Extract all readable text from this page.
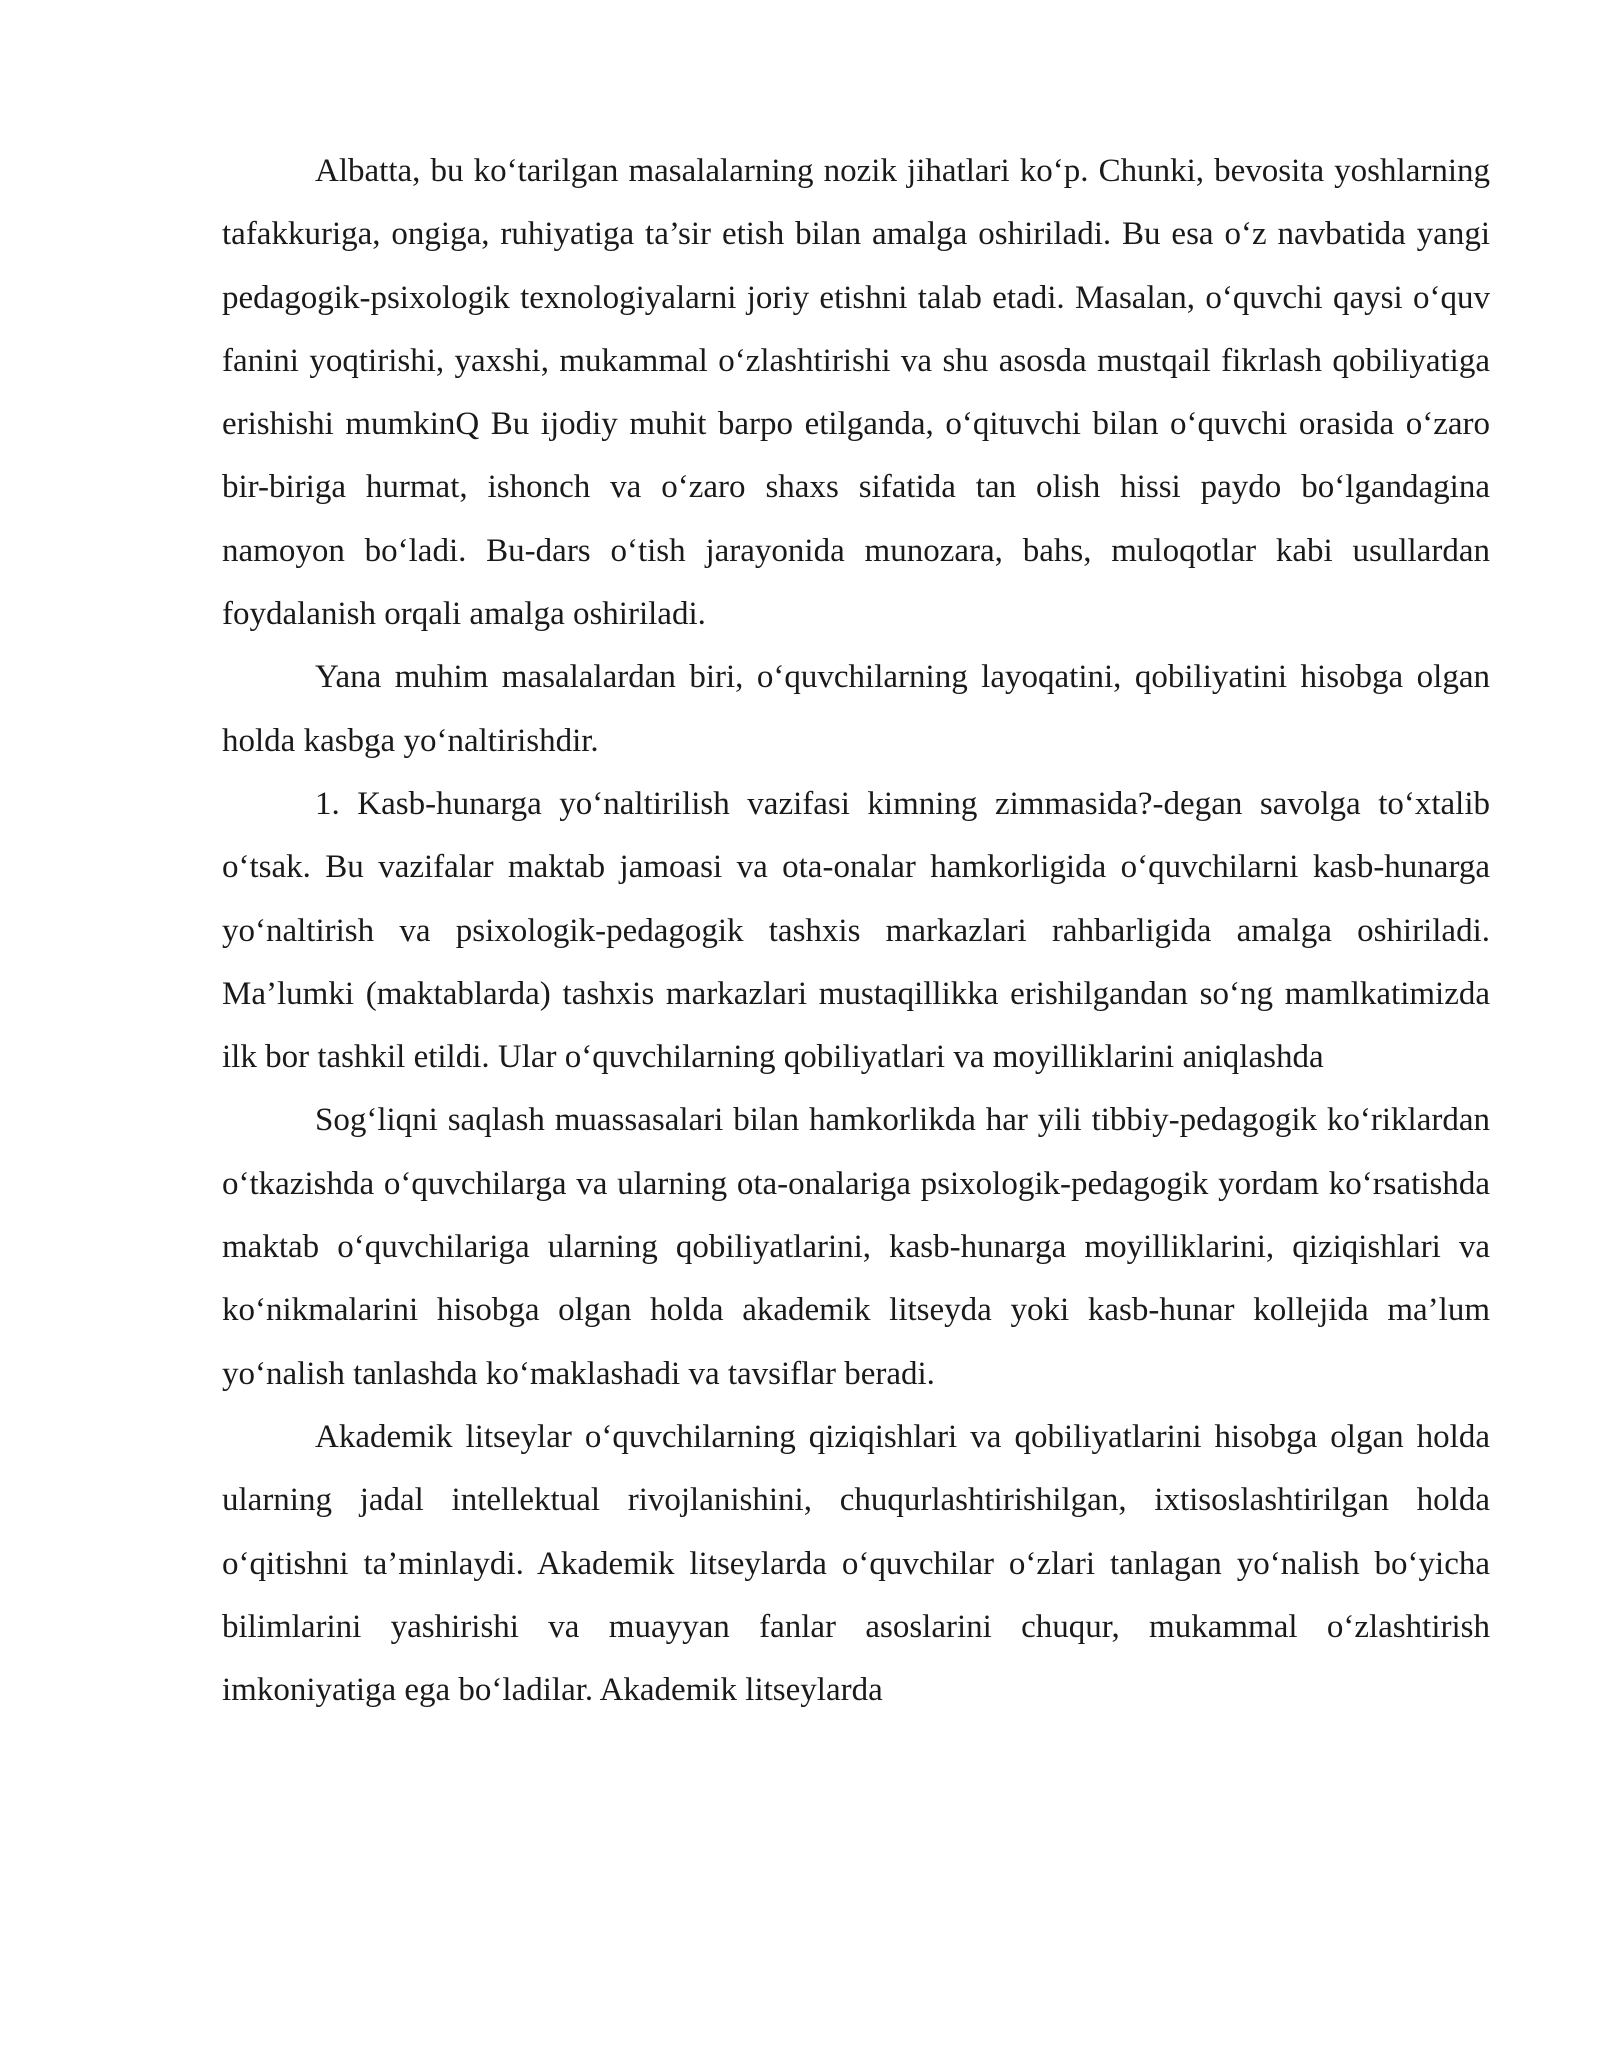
Albatta, bu ko‘tarilgan masalalarning nozik jihatlari ko‘p. Chunki, bevosita yoshlarning tafakkuriga, ongiga, ruhiyatiga ta’sir etish bilan amalga oshiriladi. Bu esa o‘z navbatida yangi pedagogik-psixologik texnologiyalarni joriy etishni talab etadi. Masalan, o‘quvchi qaysi o‘quv fanini yoqtirishi, yaxshi, mukammal o‘zlashtirishi va shu asosda mustqail fikrlash qobiliyatiga erishishi mumkinQ Bu ijodiy muhit barpo etilganda, o‘qituvchi bilan o‘quvchi orasida o‘zaro bir-biriga hurmat, ishonch va o‘zaro shaxs sifatida tan olish hissi paydo bo‘lgandagina namoyon bo‘ladi. Bu-dars o‘tish jarayonida munozara, bahs, muloqotlar kabi usullardan foydalanish orqali amalga oshiriladi.

Yana muhim masalalardan biri, o‘quvchilarning layoqatini, qobiliyatini hisobga olgan holda kasbga yo‘naltirishdir.

1. Kasb-hunarga yo‘naltirilish vazifasi kimning zimmasida?-degan savolga to‘xtalib o‘tsak. Bu vazifalar maktab jamoasi va ota-onalar hamkorligida o‘quvchilarni kasb-hunarga yo‘naltirish va psixologik-pedagogik tashxis markazlari rahbarligida amalga oshiriladi. Ma’lumki (maktablarda) tashxis markazlari mustaqillikka erishilgandan so‘ng mamlkatimizda ilk bor tashkil etildi. Ular o‘quvchilarning qobiliyatlari va moyilliklarini aniqlashda

Sog‘liqni saqlash muassasalari bilan hamkorlikda har yili tibbiy-pedagogik ko‘riklardan o‘tkazishda o‘quvchilarga va ularning ota-onalariga psixologik-pedagogik yordam ko‘rsatishda maktab o‘quvchilariga ularning qobiliyatlarini, kasb-hunarga moyilliklarini, qiziqishlari va ko‘nikmalarini hisobga olgan holda akademik litseyda yoki kasb-hunar kollejida ma’lum yo‘nalish tanlashda ko‘maklashadi va tavsiflar beradi.

Akademik litseylar o‘quvchilarning qiziqishlari va qobiliyatlarini hisobga olgan holda ularning jadal intellektual rivojlanishini, chuqurlashtirishilgan, ixtisoslashtirilgan holda o‘qitishni ta’minlaydi. Akademik litseylarda o‘quvchilar o‘zlari tanlagan yo‘nalish bo‘yicha bilimlarini yashirishi va muayyan fanlar asoslarini chuqur, mukammal o‘zlashtirish imkoniyatiga ega bo‘ladilar. Akademik litseylarda
